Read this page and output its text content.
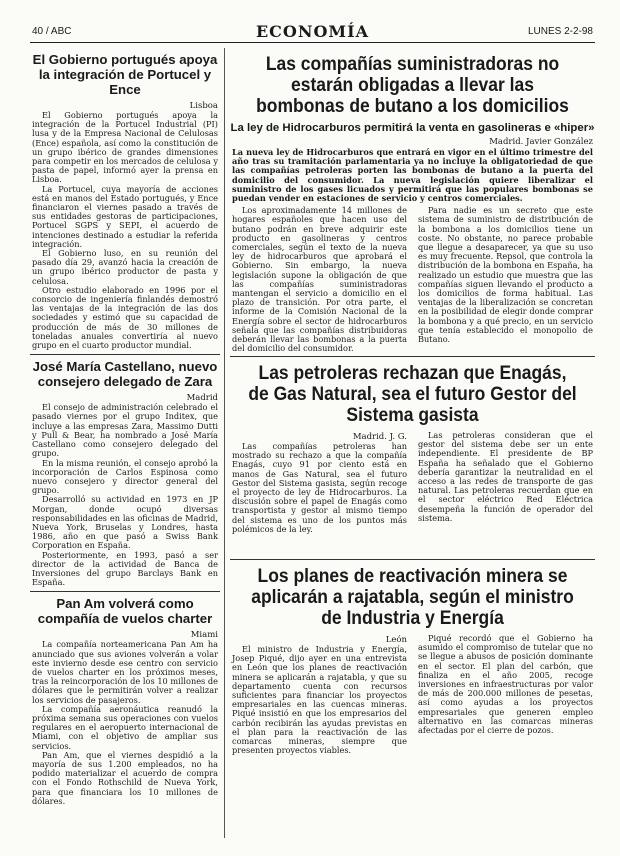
40 / ABC	ECONOMÍA	LUNES 2-2-98
El Gobierno portugués apoya la integración de Portucel y Ence
Lisboa

El Gobierno portugués apoya la integración de la Portucel Industrial (PI) lusa y de la Empresa Nacional de Celulosas (Ence) española, así como la constitución de un grupo ibérico de grandes dimensiones para competir en los mercados de celulosa y pasta de papel, informó ayer la prensa en Lisboa.

La Portucel, cuya mayoría de acciones está en manos del Estado portugués, y Ence financiaron el viernes pasado a través de sus entidades gestoras de participaciones, Portucel SGPS y SEPI, el acuerdo de intenciones destinado a estudiar la referida integración.

El Gobierno luso, en su reunión del pasado día 29, avanzó hacia la creación de un grupo ibérico productor de pasta y celulosa.

Otro estudio elaborado en 1996 por el consorcio de ingeniería finlandés demostró las ventajas de la integración de las dos sociedades y estimó que su capacidad de producción de más de 30 millones de toneladas anuales convertiría al nuevo grupo en el cuarto productor mundial.

José María Castellano, nuevo consejero delegado de Zara
Madrid

El consejo de administración celebrado el pasado viernes por el grupo Inditex, que incluye a las empresas Zara, Massimo Dutti y Pull & Bear, ha nombrado a José María Castellano como consejero delegado del grupo.

En la misma reunión, el consejo aprobó la incorporación de Carlos Espinosa como nuevo consejero y director general del grupo.

Desarrolló su actividad en 1973 en JP Morgan, donde ocupó diversas responsabilidades en las oficinas de Madrid, Nueva York, Bruselas y Londres, hasta 1986, año en que pasó a Swiss Bank Corporation en España.

Posteriormente, en 1993, pasó a ser director de la actividad de Banca de Inversiones del grupo Barclays Bank en España.

Pan Am volverá como compañía de vuelos charter
Miami

La compañía norteamericana Pan Am ha anunciado que sus aviones volverán a volar este invierno desde ese centro con servicio de vuelos charter en los próximos meses, tras la reincorporación de los 10 millones de dólares que le permitirán volver a realizar los servicios de pasajeros.

La compañía aeronáutica reanudó la próxima semana sus operaciones con vuelos regulares en el aeropuerto internacional de Miami, con el objetivo de ampliar sus servicios.

Pan Am, que el viernes despidió a la mayoría de sus 1.200 empleados, no ha podido materializar el acuerdo de compra con el Fondo Rothschild de Nueva York, para que financiara los 10 millones de dólares.

Las compañías suministradoras no estarán obligadas a llevar las bombonas de butano a los domicilios
La ley de Hidrocarburos permitirá la venta en gasolineras e «hiper»
Madrid. Javier González

La nueva ley de Hidrocarburos que entrará en vigor en el último trimestre del año tras su tramitación parlamentaria ya no incluye la obligatoriedad de que las compañías petroleras porten las bombonas de butano a la puerta del domicilio del consumidor. La nueva legislación quiere liberalizar el suministro de los gases licuados y permitirá que las populares bombonas se puedan vender en estaciones de servicio y centros comerciales.

Los aproximadamente 14 millones de hogares españoles que hacen uso del butano podrán en breve adquirir este producto en gasolineras y centros comerciales, según el texto de la nueva ley de hidrocarburos que aprobará el Gobierno. Sin embargo, la nueva legislación supone la obligación de que las compañías suministradoras mantengan el servicio a domicilio en el plazo de transición. Por otra parte, el informe de la Comisión Nacional de la Energía sobre el sector de hidrocarburos señala que las compañías distribuidoras deberán llevar las bombonas a la puerta del domicilio del consumidor.

Para nadie es un secreto que este sistema de suministro de distribución de la bombona a los domicilios tiene un coste. No obstante, no parece probable que llegue a desaparecer, ya que su uso es muy frecuente. Repsol, que controla la distribución de la bombona en España, ha realizado un estudio que muestra que las compañías siguen llevando el producto a los domicilios de forma habitual. Las ventajas de la liberalización se concretan en la posibilidad de elegir donde comprar la bombona y a qué precio, en un servicio que tenía establecido el monopolio de Butano.

Las petroleras rechazan que Enagás, de Gas Natural, sea el futuro Gestor del Sistema gasista
Madrid. J. G.

Las compañías petroleras han mostrado su rechazo a que la compañía Enagás, cuyo 91 por ciento está en manos de Gas Natural, sea el futuro Gestor del Sistema gasista, según recoge el proyecto de ley de Hidrocarburos. La discusión sobre el papel de Enagás como transportista y gestor al mismo tiempo del sistema es uno de los puntos más polémicos de la ley.

Las petroleras consideran que el gestor del sistema debe ser un ente independiente. El presidente de BP España ha señalado que el Gobierno debería garantizar la neutralidad en el acceso a las redes de transporte de gas natural. Las petroleras recuerdan que en el sector eléctrico Red Eléctrica desempeña la función de operador del sistema.

Los planes de reactivación minera se aplicarán a rajatabla, según el ministro de Industria y Energía
León

El ministro de Industria y Energía, Josep Piqué, dijo ayer en una entrevista en León que los planes de reactivación minera se aplicarán a rajatabla, y que su departamento cuenta con recursos suficientes para financiar los proyectos empresariales en las cuencas mineras. Piqué insistió en que los empresarios del carbón recibirán las ayudas previstas en el plan para la reactivación de las comarcas mineras, siempre que presenten proyectos viables.

Piqué recordó que el Gobierno ha asumido el compromiso de tutelar que no se llegue a abusos de posición dominante en el sector. El plan del carbón, que finaliza en el año 2005, recoge inversiones en infraestructuras por valor de más de 200.000 millones de pesetas, así como ayudas a los proyectos empresariales que generen empleo alternativo en las comarcas mineras afectadas por el cierre de pozos.
